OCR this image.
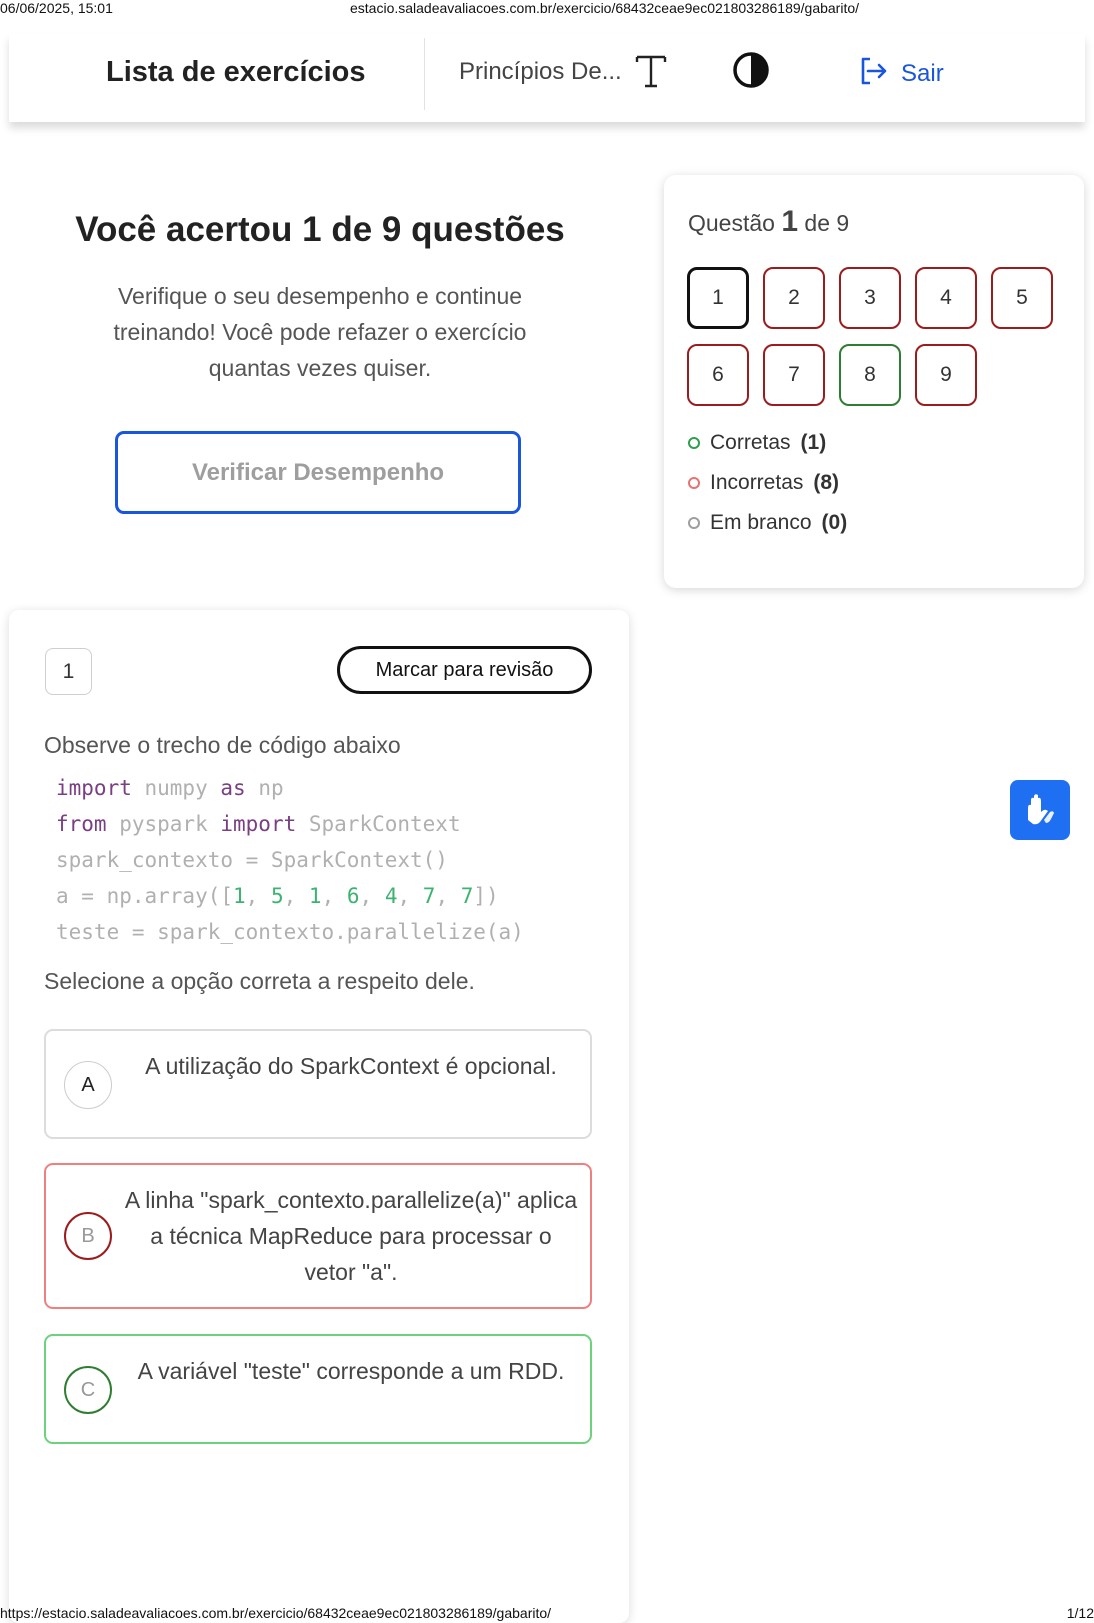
06/06/2025, 15:01	estacio.saladeavaliacoes.com.br/exercicio/68432ceae9ec021803286189/gabarito/
Lista de exercícios	Princípios De...	Sair
Você acertou 1 de 9 questões

Verifique o seu desempenho e continue treinando! Você pode refazer o exercício quantas vezes quiser.

Verificar Desempenho
Questão 1 de 9
1	2	3	4	5
6	7	8	9
Corretas (1)
Incorretas (8)
Em branco (0)
1	Marcar para revisão
Observe o trecho de código abaixo
import numpy as np
from pyspark import SparkContext
spark_contexto = SparkContext()
a = np.array([1, 5, 1, 6, 4, 7, 7])
teste = spark_contexto.parallelize(a)
Selecione a opção correta a respeito dele.
A
A utilização do SparkContext é opcional.
B
A linha "spark_contexto.parallelize(a)" aplica a técnica MapReduce para processar o vetor "a".
C
A variável "teste" corresponde a um RDD.
https://estacio.saladeavaliacoes.com.br/exercicio/68432ceae9ec021803286189/gabarito/	1/12
